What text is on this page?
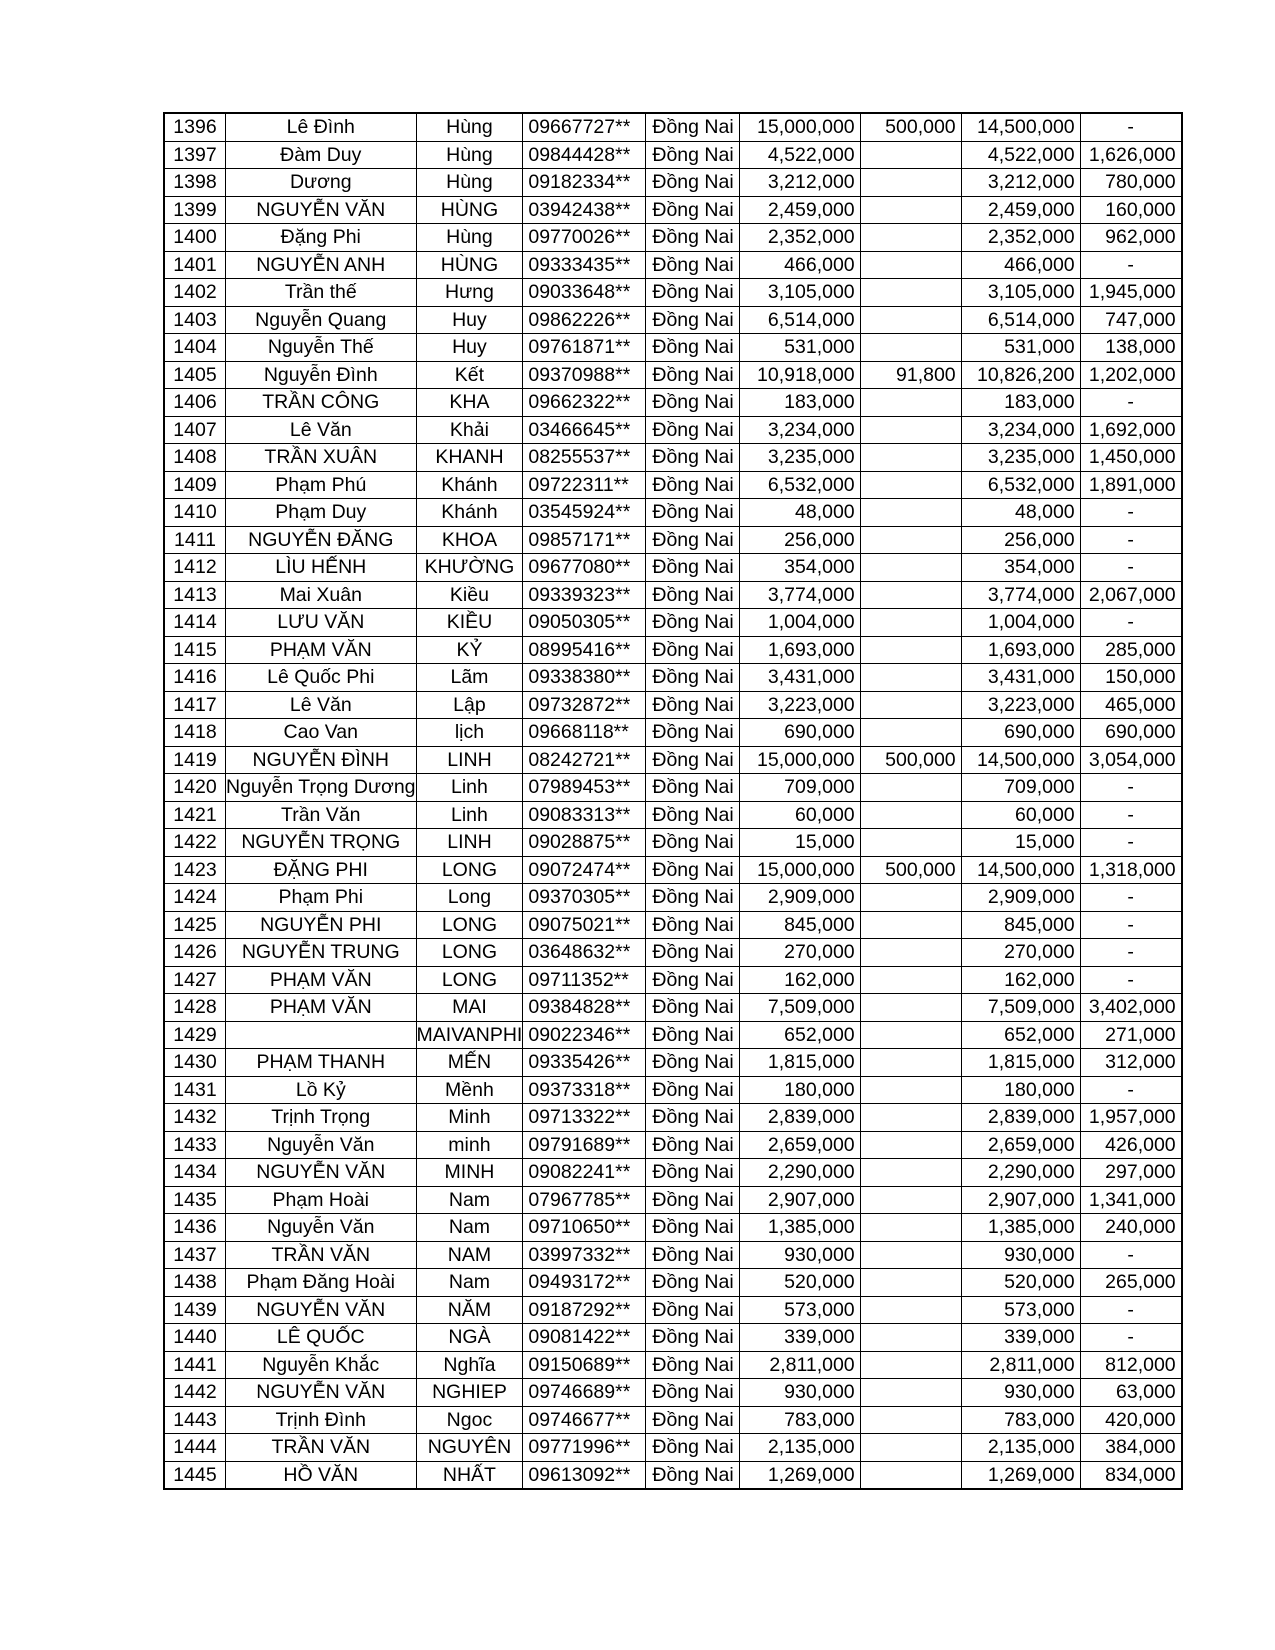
1396	Lê Đình	Hùng	09667727**	Đồng Nai	15,000,000	500,000	14,500,000	-
1397	Đàm Duy	Hùng	09844428**	Đồng Nai	4,522,000		4,522,000	1,626,000
1398	Dương	Hùng	09182334**	Đồng Nai	3,212,000		3,212,000	780,000
1399	NGUYỄN VĂN	HÙNG	03942438**	Đồng Nai	2,459,000		2,459,000	160,000
1400	Đặng Phi	Hùng	09770026**	Đồng Nai	2,352,000		2,352,000	962,000
1401	NGUYỄN ANH	HÙNG	09333435**	Đồng Nai	466,000		466,000	-
1402	Trần thế	Hưng	09033648**	Đồng Nai	3,105,000		3,105,000	1,945,000
1403	Nguyễn Quang	Huy	09862226**	Đồng Nai	6,514,000		6,514,000	747,000
1404	Nguyễn Thế	Huy	09761871**	Đồng Nai	531,000		531,000	138,000
1405	Nguyễn Đình	Kết	09370988**	Đồng Nai	10,918,000	91,800	10,826,200	1,202,000
1406	TRẦN CÔNG	KHA	09662322**	Đồng Nai	183,000		183,000	-
1407	Lê Văn	Khải	03466645**	Đồng Nai	3,234,000		3,234,000	1,692,000
1408	TRẦN XUÂN	KHANH	08255537**	Đồng Nai	3,235,000		3,235,000	1,450,000
1409	Phạm Phú	Khánh	09722311**	Đồng Nai	6,532,000		6,532,000	1,891,000
1410	Phạm Duy	Khánh	03545924**	Đồng Nai	48,000		48,000	-
1411	NGUYỄN ĐĂNG	KHOA	09857171**	Đồng Nai	256,000		256,000	-
1412	LÌU HẾNH	KHƯỜNG	09677080**	Đồng Nai	354,000		354,000	-
1413	Mai Xuân	Kiều	09339323**	Đồng Nai	3,774,000		3,774,000	2,067,000
1414	LƯU VĂN	KIỀU	09050305**	Đồng Nai	1,004,000		1,004,000	-
1415	PHẠM VĂN	KỶ	08995416**	Đồng Nai	1,693,000		1,693,000	285,000
1416	Lê Quốc Phi	Lãm	09338380**	Đồng Nai	3,431,000		3,431,000	150,000
1417	Lê Văn	Lập	09732872**	Đồng Nai	3,223,000		3,223,000	465,000
1418	Cao Van	lịch	09668118**	Đồng Nai	690,000		690,000	690,000
1419	NGUYỄN ĐÌNH	LINH	08242721**	Đồng Nai	15,000,000	500,000	14,500,000	3,054,000
1420	Nguyễn Trọng Dương	Linh	07989453**	Đồng Nai	709,000		709,000	-
1421	Trần Văn	Linh	09083313**	Đồng Nai	60,000		60,000	-
1422	NGUYỄN TRỌNG	LINH	09028875**	Đồng Nai	15,000		15,000	-
1423	ĐẶNG PHI	LONG	09072474**	Đồng Nai	15,000,000	500,000	14,500,000	1,318,000
1424	Phạm Phi	Long	09370305**	Đồng Nai	2,909,000		2,909,000	-
1425	NGUYỄN PHI	LONG	09075021**	Đồng Nai	845,000		845,000	-
1426	NGUYỄN TRUNG	LONG	03648632**	Đồng Nai	270,000		270,000	-
1427	PHẠM VĂN	LONG	09711352**	Đồng Nai	162,000		162,000	-
1428	PHẠM VĂN	MAI	09384828**	Đồng Nai	7,509,000		7,509,000	3,402,000
1429		MAIVANPHI	09022346**	Đồng Nai	652,000		652,000	271,000
1430	PHẠM THANH	MẾN	09335426**	Đồng Nai	1,815,000		1,815,000	312,000
1431	Lồ Kỷ	Mềnh	09373318**	Đồng Nai	180,000		180,000	-
1432	Trịnh Trọng	Minh	09713322**	Đồng Nai	2,839,000		2,839,000	1,957,000
1433	Nguyễn Văn	minh	09791689**	Đồng Nai	2,659,000		2,659,000	426,000
1434	NGUYỄN VĂN	MINH	09082241**	Đồng Nai	2,290,000		2,290,000	297,000
1435	Phạm Hoài	Nam	07967785**	Đồng Nai	2,907,000		2,907,000	1,341,000
1436	Nguyễn Văn	Nam	09710650**	Đồng Nai	1,385,000		1,385,000	240,000
1437	TRẦN VĂN	NAM	03997332**	Đồng Nai	930,000		930,000	-
1438	Phạm Đăng Hoài	Nam	09493172**	Đồng Nai	520,000		520,000	265,000
1439	NGUYỄN VĂN	NĂM	09187292**	Đồng Nai	573,000		573,000	-
1440	LÊ QUỐC	NGÀ	09081422**	Đồng Nai	339,000		339,000	-
1441	Nguyễn Khắc	Nghĩa	09150689**	Đồng Nai	2,811,000		2,811,000	812,000
1442	NGUYỄN VĂN	NGHIEP	09746689**	Đồng Nai	930,000		930,000	63,000
1443	Trịnh Đình	Ngoc	09746677**	Đồng Nai	783,000		783,000	420,000
1444	TRẦN VĂN	NGUYÊN	09771996**	Đồng Nai	2,135,000		2,135,000	384,000
1445	HỒ VĂN	NHẤT	09613092**	Đồng Nai	1,269,000		1,269,000	834,000
